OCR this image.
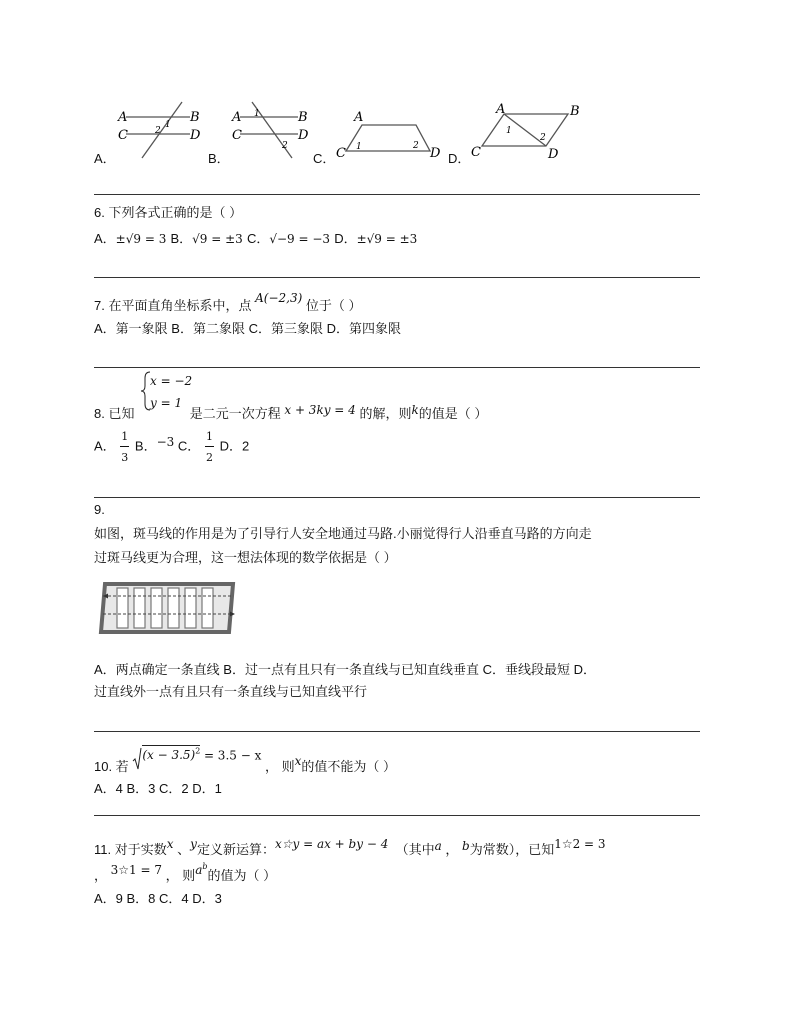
A．
A	B
C	D
1
2
B．
A	B
C	D
1
2
C．
A
C	D
1	2
D．
A	B
C	D
1
2
6. 下列各式正确的是（ ）
A．±√9 = 3 B．√9 = ±3 C．√−9 = −3 D．±√9 = ±3
7. 在平面直角坐标系中，点 A(−2,3) 位于（ ）
A．第一象限 B．第二象限 C．第三象限 D．第四象限
x = −2
y = 1
8. 已知	是二元一次方程 x + 3ky = 4 的解，则k的值是（ ）
A． $\frac{1}{3}$ B．−3 C． $\frac{1}{2}$ D．2
9.
如图，斑马线的作用是为了引导行人安全地通过马路.小丽觉得行人沿垂直马路的方向走
过斑马线更为合理，这一想法体现的数学依据是（ ）
A．两点确定一条直线 B．过一点有且只有一条直线与已知直线垂直 C．垂线段最短 D．
过直线外一点有且只有一条直线与已知直线平行
10. 若 $(x - 3.5)^2 = 3.5 - x$ ， 则x的值不能为（ ）
A．4 B．3 C．2 D．1
11. 对于实数x 、y定义新运算：x☆y = ax + by − 4 （其中a ， b为常数），已知1☆2 = 3
， 3☆1 = 7 ， 则$a^b$的值为（ ）
A．9 B．8 C．4 D．3
